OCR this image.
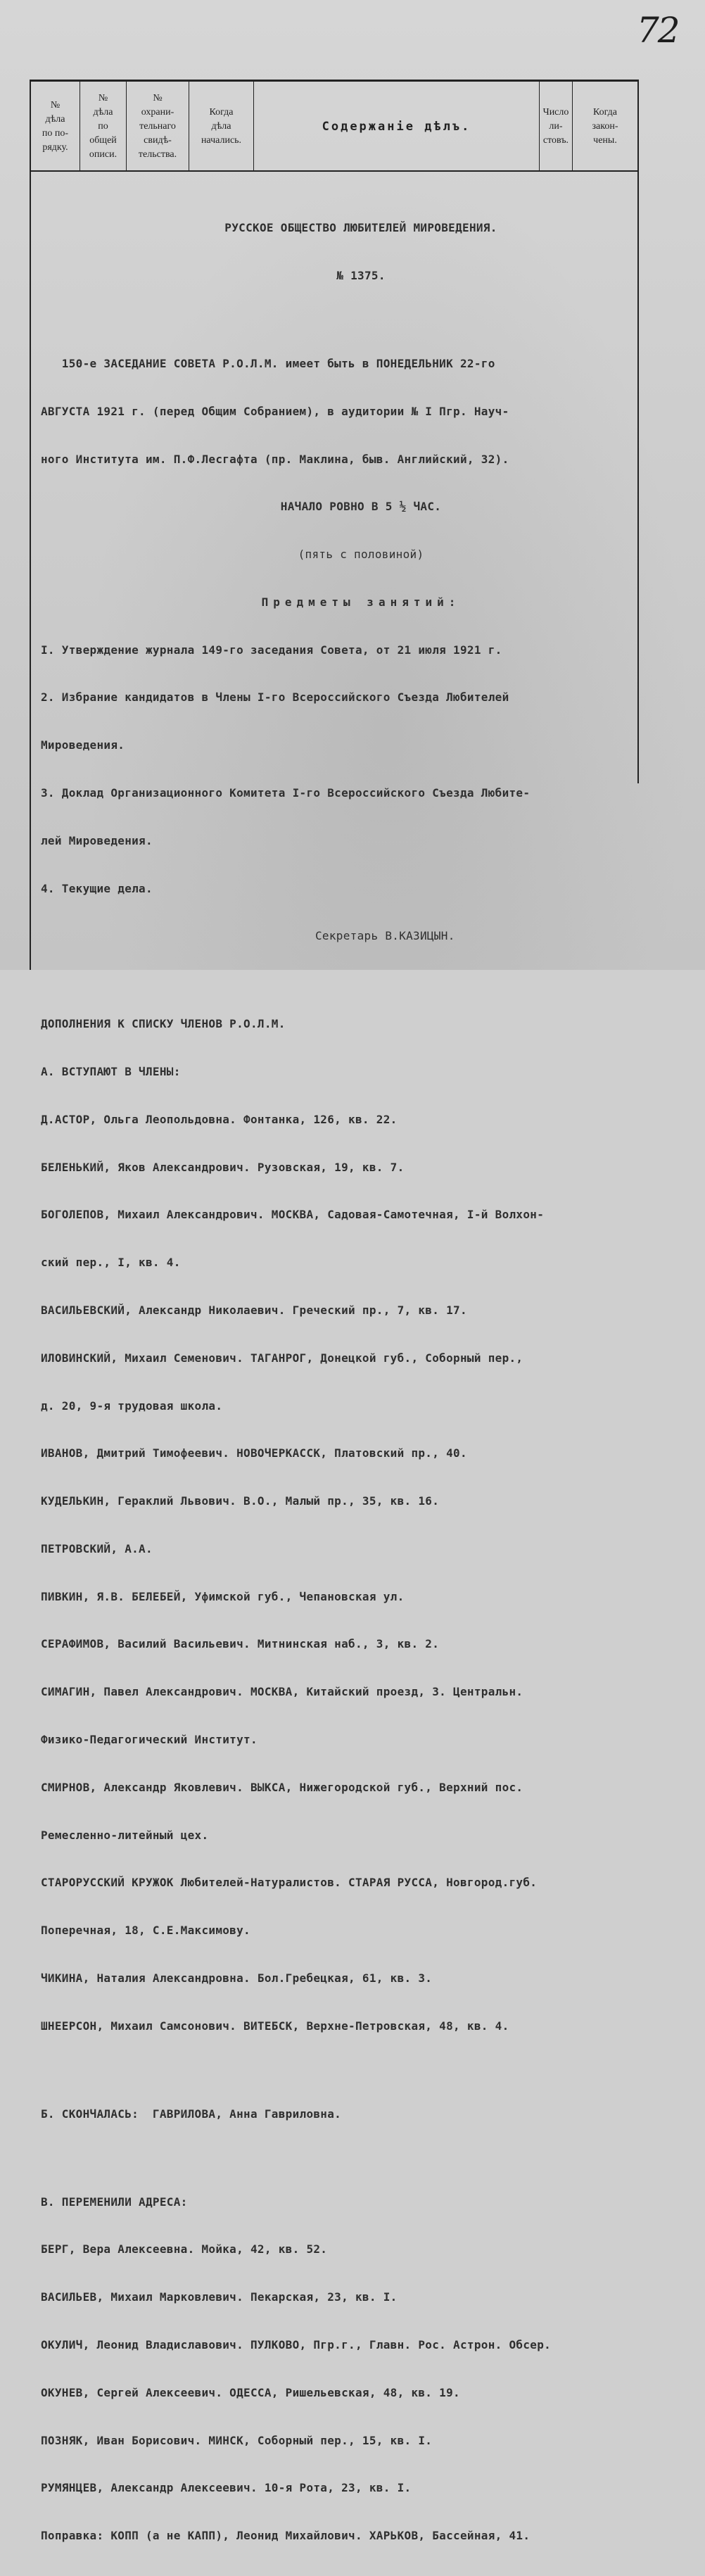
72
№
дѣла
по по-
рядку.
№
дѣла
по
общей
описи.
№
охрани-
тельнаго
свидѣ-
тельства.
Когда
дѣла
начались.
Содержаніе дѣлъ.
Число
ли-
стовъ.
Когда
закон-
чены.

РУССКОЕ ОБЩЕСТВО ЛЮБИТЕЛЕЙ МИРОВЕДЕНИЯ.

№ 1375.

150-е ЗАСЕДАНИЕ СОВЕТА Р.О.Л.М. имеет быть в ПОНЕДЕЛЬНИК 22-го

АВГУСТА 1921 г. (перед Общим Собранием), в аудитории № I Пгр. Науч-

ного Института им. П.Ф.Лесгафта (пр. Маклина, быв. Английский, 32).

НАЧАЛО РОВНО В 5 ½ ЧАС.

(пять с половиной)

Предметы занятий:

I. Утверждение журнала 149-го заседания Совета, от 21 июля 1921 г.

2. Избрание кандидатов в Члены I-го Всероссийского Съезда Любителей

Мироведения.

3. Доклад Организационного Комитета I-го Всероссийского Съезда Любите-

лей Мироведения.

4. Текущие дела.

Секретарь В.КАЗИЦЫН.

ДОПОЛНЕНИЯ К СПИСКУ ЧЛЕНОВ Р.О.Л.М.

А. ВСТУПАЮТ В ЧЛЕНЫ:

Д.АСТОР, Ольга Леопольдовна. Фонтанка, 126, кв. 22.

БЕЛЕНЬКИЙ, Яков Александрович. Рузовская, 19, кв. 7.

БОГОЛЕПОВ, Михаил Александрович. МОСКВА, Садовая-Самотечная, I-й Волхон-

ский пер., I, кв. 4.

ВАСИЛЬЕВСКИЙ, Александр Николаевич. Греческий пр., 7, кв. 17.

ИЛОВИНСКИЙ, Михаил Семенович. ТАГАНРОГ, Донецкой губ., Соборный пер.,

д. 20, 9-я трудовая школа.

ИВАНОВ, Дмитрий Тимофеевич. НОВОЧЕРКАССК, Платовский пр., 40.

КУДЕЛЬКИН, Гераклий Львович. В.О., Малый пр., 35, кв. 16.

ПЕТРОВСКИЙ, А.А.

ПИВКИН, Я.В. БЕЛЕБЕЙ, Уфимской губ., Чепановская ул.

СЕРАФИМОВ, Василий Васильевич. Митнинская наб., 3, кв. 2.

СИМАГИН, Павел Александрович. МОСКВА, Китайский проезд, 3. Центральн.

Физико-Педагогический Институт.

СМИРНОВ, Александр Яковлевич. ВЫКСА, Нижегородской губ., Верхний пос.

Ремесленно-литейный цех.

СТАРОРУССКИЙ КРУЖОК Любителей-Натуралистов. СТАРАЯ РУССА, Новгород.губ.

Поперечная, 18, С.Е.Максимову.

ЧИКИНА, Наталия Александровна. Бол.Гребецкая, 61, кв. 3.

ШНЕЕРСОН, Михаил Самсонович. ВИТЕБСК, Верхне-Петровская, 48, кв. 4.

Б. СКОНЧАЛАСЬ:  ГАВРИЛОВА, Анна Гавриловна.

В. ПЕРЕМЕНИЛИ АДРЕСА:

БЕРГ, Вера Алексеевна. Мойка, 42, кв. 52.

ВАСИЛЬЕВ, Михаил Марковлевич. Пекарская, 23, кв. I.

ОКУЛИЧ, Леонид Владиславович. ПУЛКОВО, Пгр.г., Главн. Рос. Астрон. Обсер.

ОКУНЕВ, Сергей Алексеевич. ОДЕССА, Ришельевская, 48, кв. 19.

ПОЗНЯК, Иван Борисович. МИНСК, Соборный пер., 15, кв. I.

РУМЯНЦЕВ, Александр Алексеевич. 10-я Рота, 23, кв. I.

Поправка: КОПП (а не КАПП), Леонид Михайлович. ХАРЬКОВ, Бассейная, 41.
